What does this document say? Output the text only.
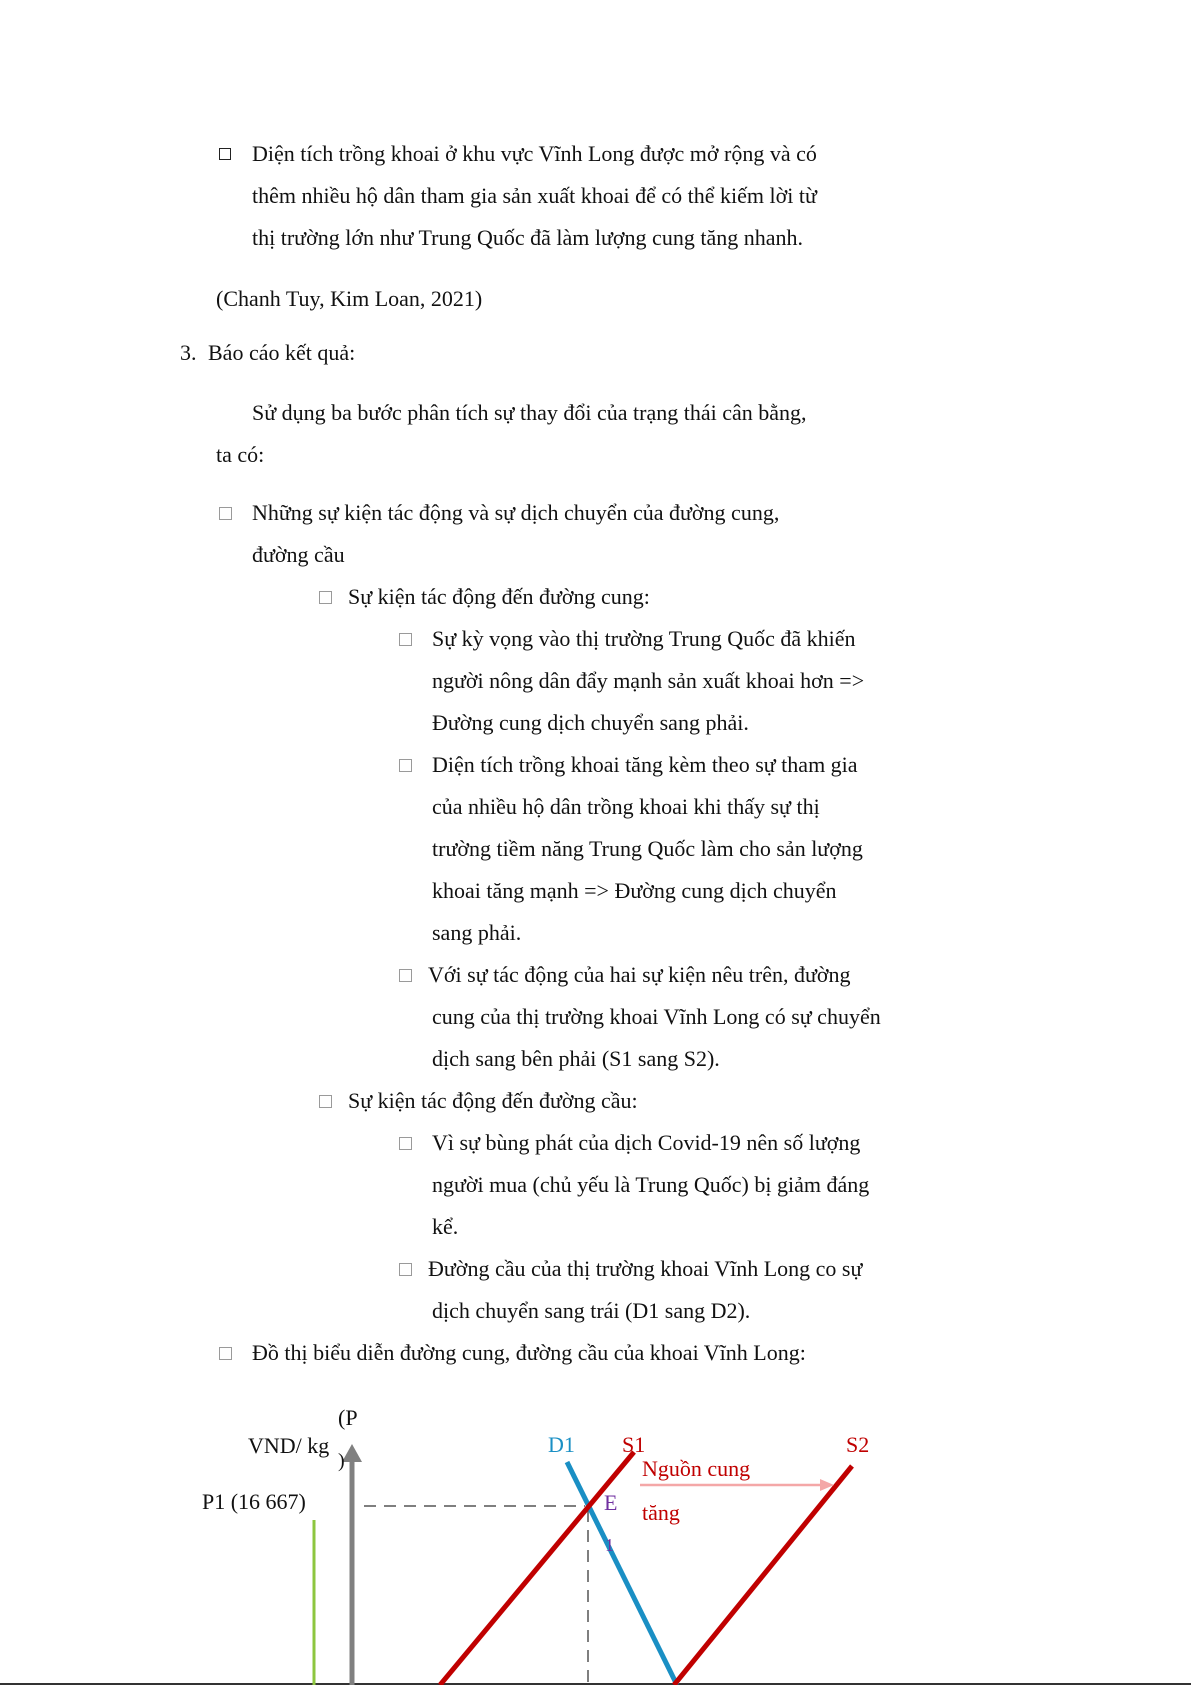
Diện tích trồng khoai ở khu vực Vĩnh Long được mở rộng và có
thêm nhiều hộ dân tham gia sản xuất khoai để có thể kiếm lời từ
thị trường lớn như Trung Quốc đã làm lượng cung tăng nhanh.
(Chanh Tuy, Kim Loan, 2021)
3. Báo cáo kết quả:
Sử dụng ba bước phân tích sự thay đổi của trạng thái cân bằng,
ta có:
Những sự kiện tác động và sự dịch chuyển của đường cung,
đường cầu
Sự kiện tác động đến đường cung:
Sự kỳ vọng vào thị trường Trung Quốc đã khiến
người nông dân đẩy mạnh sản xuất khoai hơn =>
Đường cung dịch chuyển sang phải.
Diện tích trồng khoai tăng kèm theo sự tham gia
của nhiều hộ dân trồng khoai khi thấy sự thị
trường tiềm năng Trung Quốc làm cho sản lượng
khoai tăng mạnh => Đường cung dịch chuyển
sang phải.
Với sự tác động của hai sự kiện nêu trên, đường
cung của thị trường khoai Vĩnh Long có sự chuyển
dịch sang bên phải (S1 sang S2).
Sự kiện tác động đến đường cầu:
Vì sự bùng phát của dịch Covid-19 nên số lượng
người mua (chủ yếu là Trung Quốc) bị giảm đáng
kể.
Đường cầu của thị trường khoai Vĩnh Long co sự
dịch chuyển sang trái (D1 sang D2).
Đồ thị biểu diễn đường cung, đường cầu của khoai Vĩnh Long:
(P
)
VND/ kg
P1 (16 667)
D1 S1	S2
Nguồn cung
tăng
E
1
